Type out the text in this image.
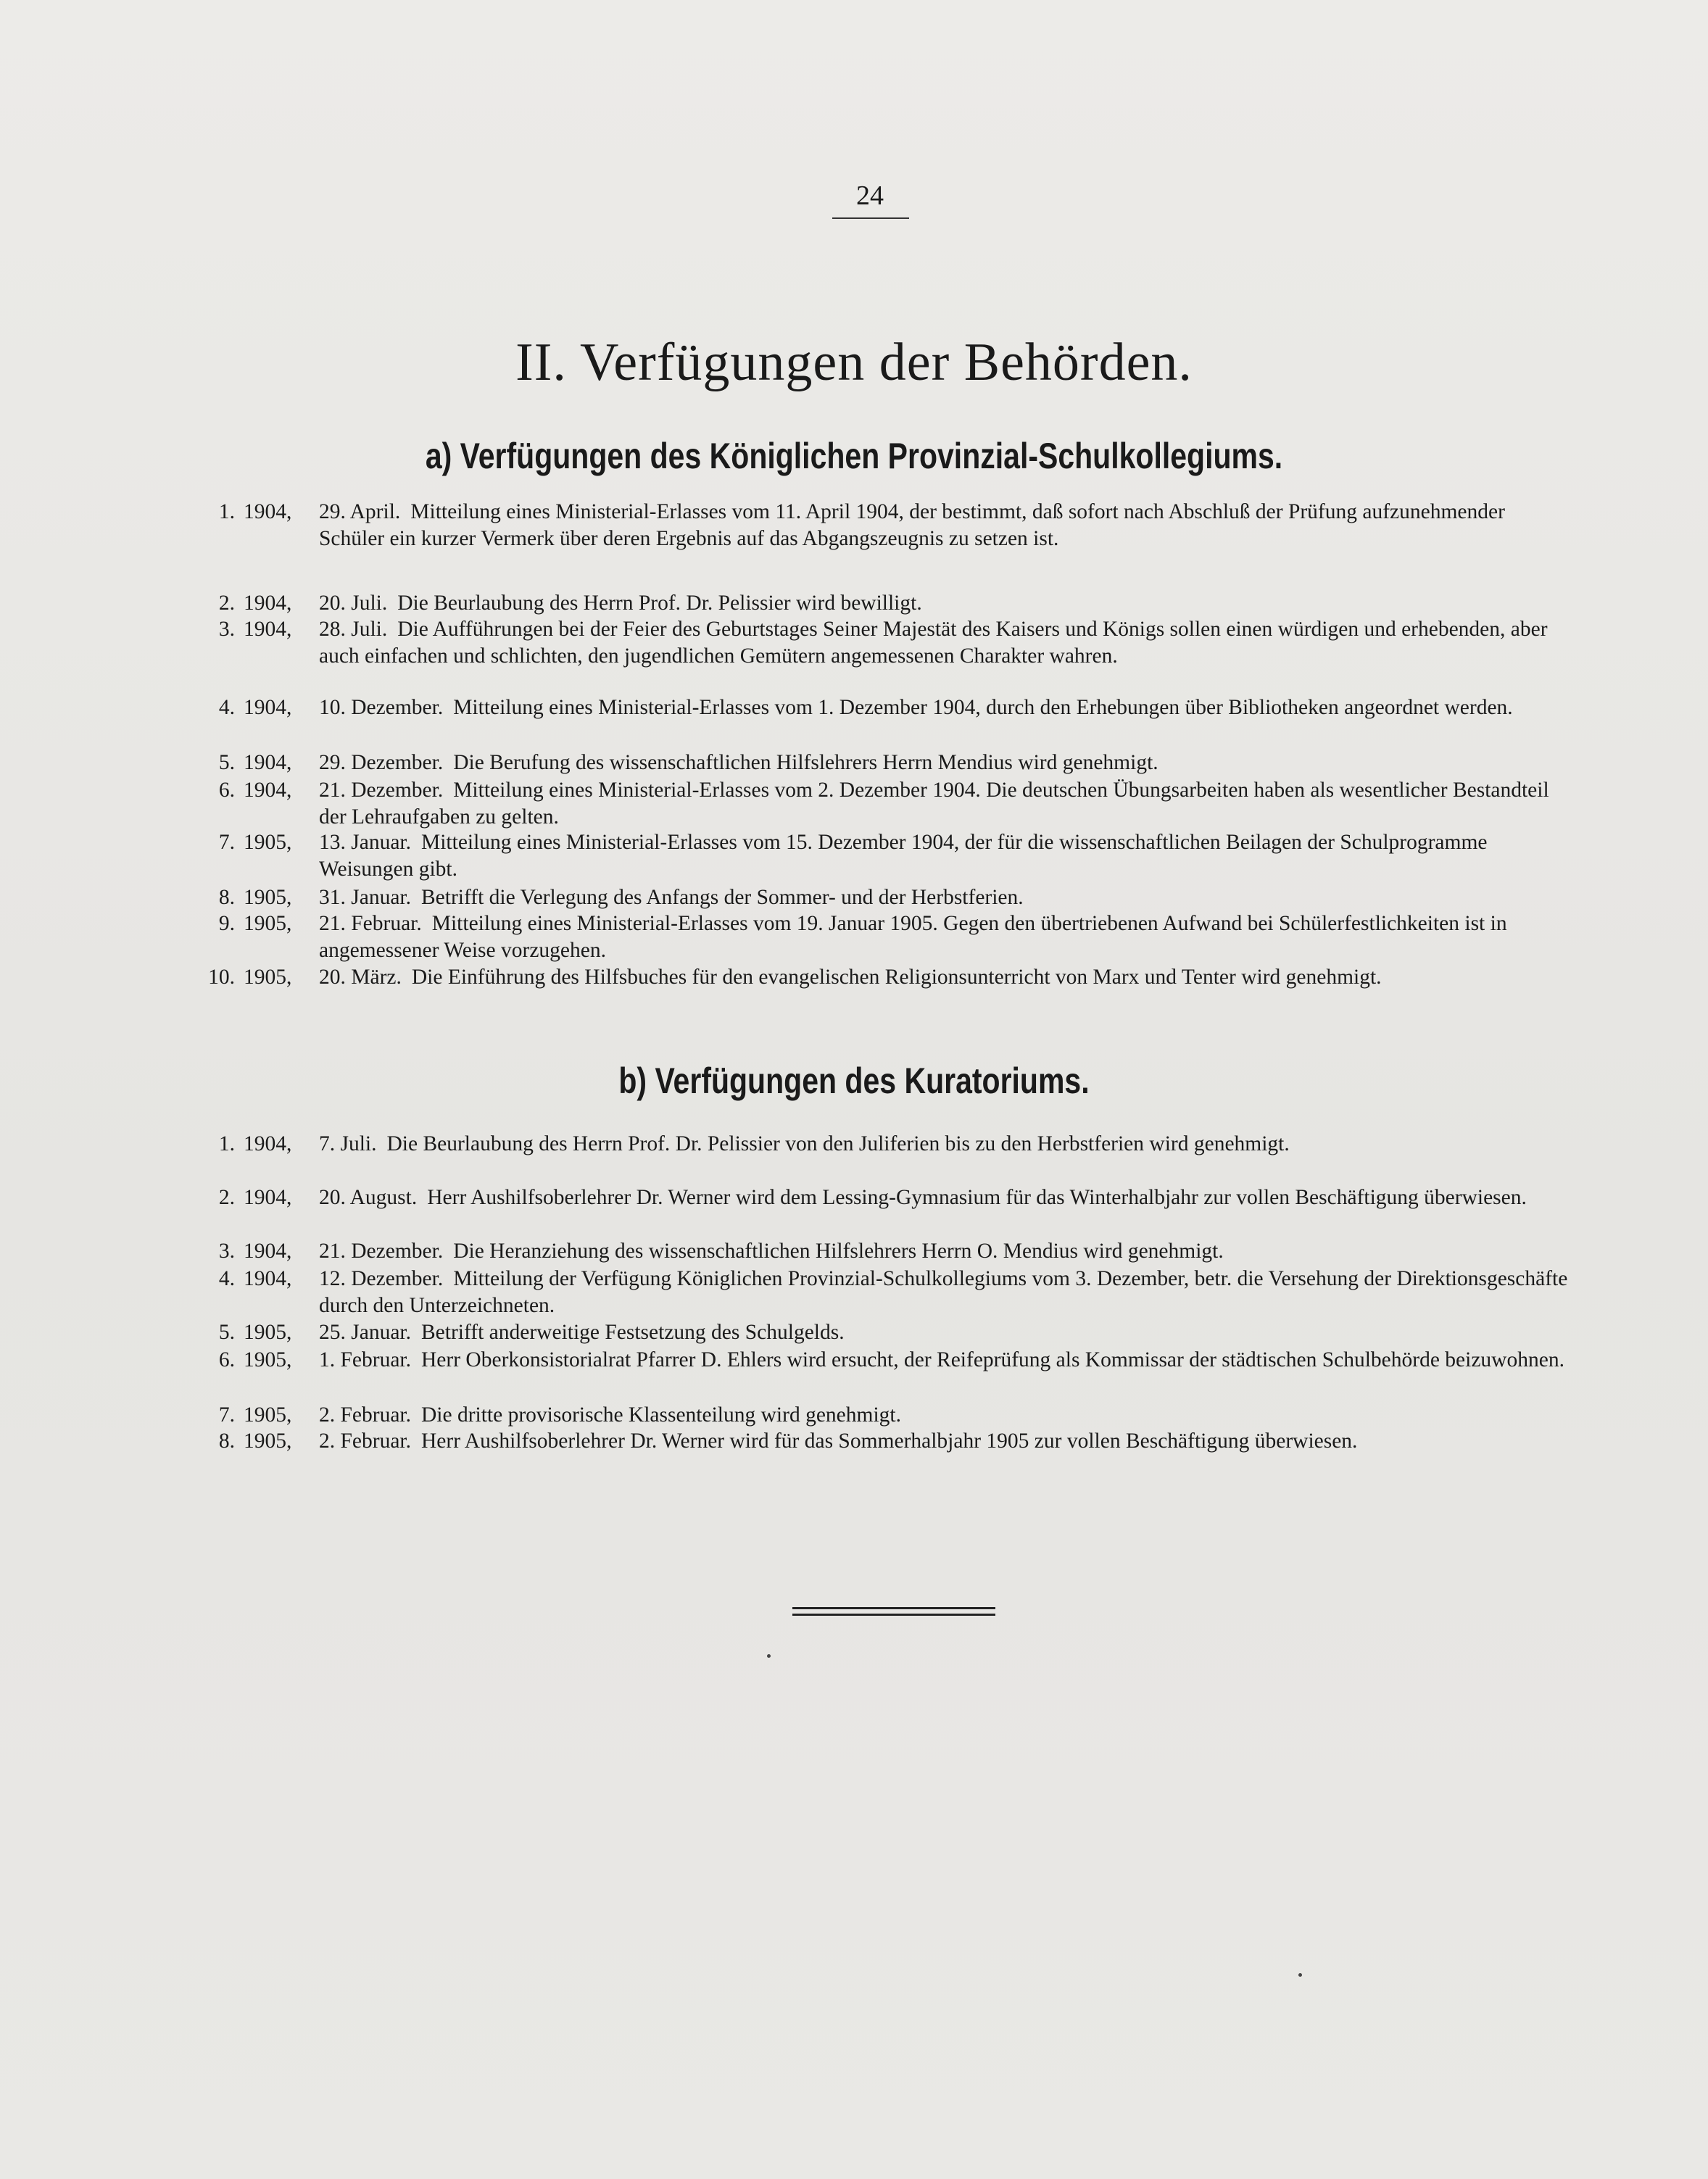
24
II. Verfügungen der Behörden.
a) Verfügungen des Königlichen Provinzial-Schulkollegiums.
1. 1904, 29. April. Mitteilung eines Ministerial-Erlasses vom 11. April 1904, der bestimmt, daß sofort nach Abschluß der Prüfung aufzunehmender Schüler ein kurzer Vermerk über deren Ergebnis auf das Abgangszeugnis zu setzen ist.
2. 1904, 20. Juli. Die Beurlaubung des Herrn Prof. Dr. Pelissier wird bewilligt.
3. 1904, 28. Juli. Die Aufführungen bei der Feier des Geburtstages Seiner Majestät des Kaisers und Königs sollen einen würdigen und erhebenden, aber auch einfachen und schlichten, den jugendlichen Gemütern angemessenen Charakter wahren.
4. 1904, 10. Dezember. Mitteilung eines Ministerial-Erlasses vom 1. Dezember 1904, durch den Erhebungen über Bibliotheken angeordnet werden.
5. 1904, 29. Dezember. Die Berufung des wissenschaftlichen Hilfslehrers Herrn Mendius wird genehmigt.
6. 1904, 21. Dezember. Mitteilung eines Ministerial-Erlasses vom 2. Dezember 1904. Die deutschen Übungsarbeiten haben als wesentlicher Bestandteil der Lehraufgaben zu gelten.
7. 1905, 13. Januar. Mitteilung eines Ministerial-Erlasses vom 15. Dezember 1904, der für die wissenschaftlichen Beilagen der Schulprogramme Weisungen gibt.
8. 1905, 31. Januar. Betrifft die Verlegung des Anfangs der Sommer- und der Herbstferien.
9. 1905, 21. Februar. Mitteilung eines Ministerial-Erlasses vom 19. Januar 1905. Gegen den übertriebenen Aufwand bei Schülerfestlichkeiten ist in angemessener Weise vorzugehen.
10. 1905, 20. März. Die Einführung des Hilfsbuches für den evangelischen Religionsunterricht von Marx und Tenter wird genehmigt.
b) Verfügungen des Kuratoriums.
1. 1904, 7. Juli. Die Beurlaubung des Herrn Prof. Dr. Pelissier von den Juliferien bis zu den Herbstferien wird genehmigt.
2. 1904, 20. August. Herr Aushilfsoberlehrer Dr. Werner wird dem Lessing-Gymnasium für das Winterhalbjahr zur vollen Beschäftigung überwiesen.
3. 1904, 21. Dezember. Die Heranziehung des wissenschaftlichen Hilfslehrers Herrn O. Mendius wird genehmigt.
4. 1904, 12. Dezember. Mitteilung der Verfügung Königlichen Provinzial-Schulkollegiums vom 3. Dezember, betr. die Versehung der Direktionsgeschäfte durch den Unterzeichneten.
5. 1905, 25. Januar. Betrifft anderweitige Festsetzung des Schulgelds.
6. 1905, 1. Februar. Herr Oberkonsistorialrat Pfarrer D. Ehlers wird ersucht, der Reifeprüfung als Kommissar der städtischen Schulbehörde beizuwohnen.
7. 1905, 2. Februar. Die dritte provisorische Klassenteilung wird genehmigt.
8. 1905, 2. Februar. Herr Aushilfsoberlehrer Dr. Werner wird für das Sommerhalbjahr 1905 zur vollen Beschäftigung überwiesen.
